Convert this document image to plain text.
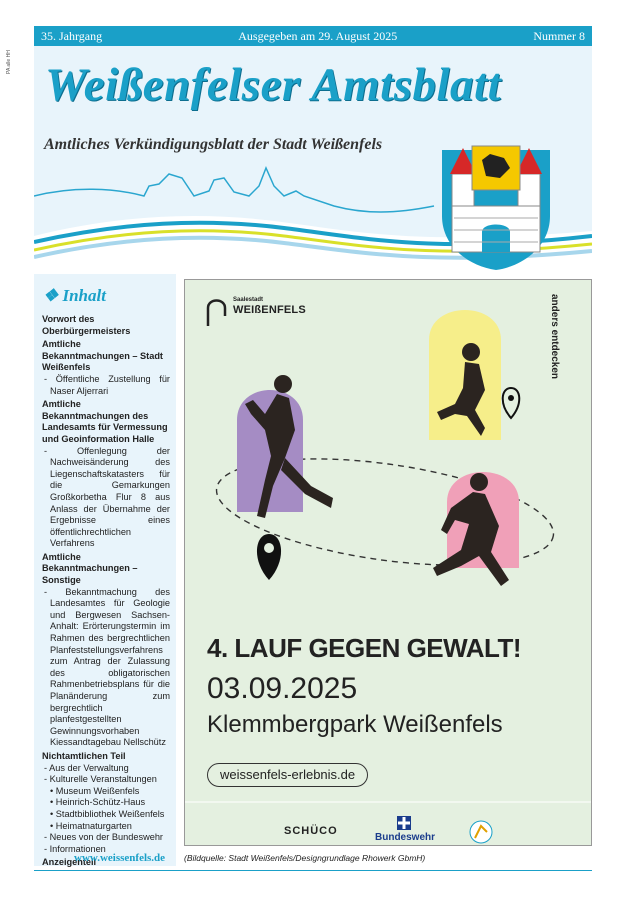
PA alle HH
35. Jahrgang	Ausgegeben am 29. August 2025	Nummer 8
Weißenfelser Amtsblatt
Amtliches Verkündigungsblatt der Stadt Weißenfels
❖ Inhalt
Vorwort des Oberbürgermeisters
Amtliche Bekanntmachungen – Stadt Weißenfels
- Öffentliche Zustellung für Naser Aljerrari
Amtliche Bekanntmachungen des Landesamts für Vermessung und Geoinformation Halle
- Offenlegung der Nachweisänderung des Liegenschaftskatasters für die Gemarkungen Großkorbetha Flur 8 aus Anlass der Übernahme der Ergebnisse eines öffentlichrechtlichen Verfahrens
Amtliche Bekanntmachungen – Sonstige
- Bekanntmachung des Landesamtes für Geologie und Bergwesen Sachsen-Anhalt: Erörterungstermin im Rahmen des bergrechtlichen Planfeststellungsverfahrens zum Antrag der Zulassung des obligatorischen Rahmenbetriebsplans für die Planänderung zum bergrechtlich planfestgestellten Gewinnungsvorhaben Kiessandtagebau Nellschütz
Nichtamtlichen Teil
- Aus der Verwaltung
- Kulturelle Veranstaltungen
• Museum Weißenfels
• Heinrich-Schütz-Haus
• Stadtbibliothek Weißenfels
• Heimatnaturgarten
- Neues von der Bundeswehr
- Informationen
Anzeigenteil
www.weissenfels.de
Saalestadt
WEIßENFELS	anders entdecken
4. LAUF GEGEN GEWALT!
03.09.2025
Klemmbergpark Weißenfels
weissenfels-erlebnis.de
SCHÜCO
Bundeswehr
(Bildquelle: Stadt Weißenfels/Designgrundlage Rhowerk GbmH)
